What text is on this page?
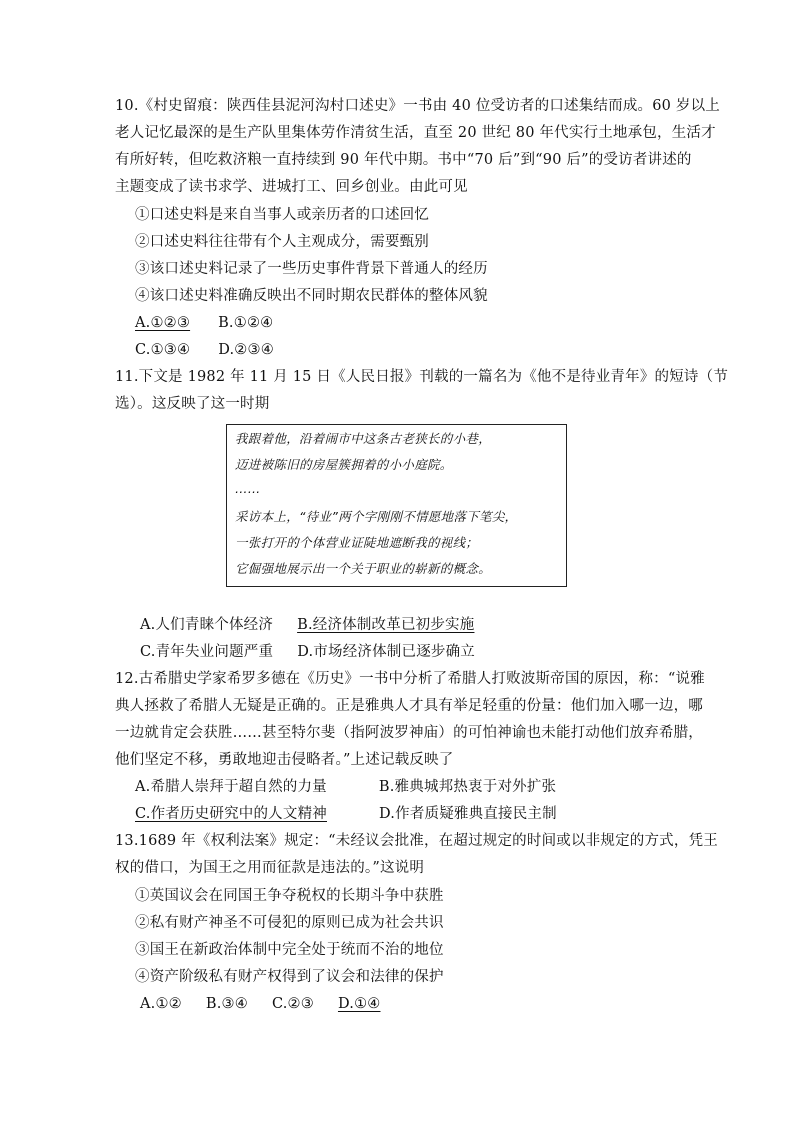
10.《村史留痕：陕西佳县泥河沟村口述史》一书由 40 位受访者的口述集结而成。60 岁以上
老人记忆最深的是生产队里集体劳作清贫生活，直至 20 世纪 80 年代实行土地承包，生活才
有所好转，但吃救济粮一直持续到 90 年代中期。书中“70 后”到“90 后”的受访者讲述的
主题变成了读书求学、进城打工、回乡创业。由此可见
①口述史料是来自当事人或亲历者的口述回忆
②口述史料往往带有个人主观成分，需要甄别
③该口述史料记录了一些历史事件背景下普通人的经历
④该口述史料准确反映出不同时期农民群体的整体风貌
A.①②③ B.①②④
C.①③④ D.②③④
11.下文是 1982 年 11 月 15 日《人民日报》刊载的一篇名为《他不是待业青年》的短诗（节
选）。这反映了这一时期
我跟着他，沿着闹市中这条古老狭长的小巷，
迈进被陈旧的房屋簇拥着的小小庭院。
……
采访本上，“待业”两个字刚刚不情愿地落下笔尖，
一张打开的个体营业证陡地遮断我的视线；
它倔强地展示出一个关于职业的崭新的概念。
A.人们青睐个体经济 B.经济体制改革已初步实施
C.青年失业问题严重 D.市场经济体制已逐步确立
12.古希腊史学家希罗多德在《历史》一书中分析了希腊人打败波斯帝国的原因，称：“说雅
典人拯救了希腊人无疑是正确的。正是雅典人才具有举足轻重的份量：他们加入哪一边，哪
一边就肯定会获胜……甚至特尔斐（指阿波罗神庙）的可怕神谕也未能打动他们放弃希腊，
他们坚定不移，勇敢地迎击侵略者。”上述记载反映了
A.希腊人崇拜于超自然的力量	B.雅典城邦热衷于对外扩张
C.作者历史研究中的人文精神	D.作者质疑雅典直接民主制
13.1689 年《权利法案》规定：“未经议会批准，在超过规定的时间或以非规定的方式，凭王
权的借口，为国王之用而征款是违法的。”这说明
①英国议会在同国王争夺税权的长期斗争中获胜
②私有财产神圣不可侵犯的原则已成为社会共识
③国王在新政治体制中完全处于统而不治的地位
④资产阶级私有财产权得到了议会和法律的保护
A.①② B.③④ C.②③ D.①④
